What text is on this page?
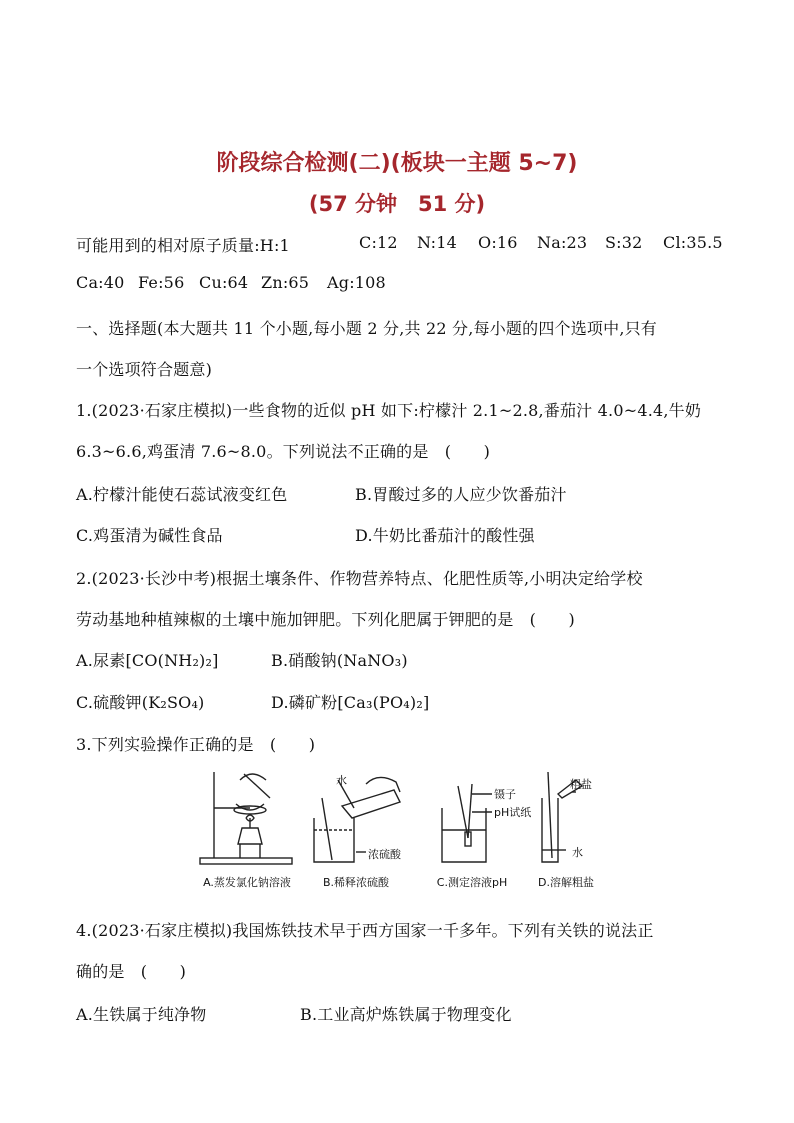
阶段综合检测(二)(板块一主题 5~7)
(57 分钟　51 分)
可能用到的相对原子质量:H:1	C:12 N:14 O:16 Na:23 S:32 Cl:35.5
Ca:40 Fe:56 Cu:64 Zn:65 Ag:108
一、选择题(本大题共 11 个小题,每小题 2 分,共 22 分,每小题的四个选项中,只有
一个选项符合题意)
1.(2023·石家庄模拟)一些食物的近似 pH 如下:柠檬汁 2.1~2.8,番茄汁 4.0~4.4,牛奶
6.3~6.6,鸡蛋清 7.6~8.0。下列说法不正确的是　(　　)
A.柠檬汁能使石蕊试液变红色	B.胃酸过多的人应少饮番茄汁
C.鸡蛋清为碱性食品	D.牛奶比番茄汁的酸性强
2.(2023·长沙中考)根据土壤条件、作物营养特点、化肥性质等,小明决定给学校
劳动基地种植辣椒的土壤中施加钾肥。下列化肥属于钾肥的是　(　　)
A.尿素[CO(NH₂)₂]	B.硝酸钠(NaNO₃)
C.硫酸钾(K₂SO₄)	D.磷矿粉[Ca₃(PO₄)₂]
3.下列实验操作正确的是　(　　)
A.蒸发氯化钠溶液
水
浓硫酸
B.稀释浓硫酸
镊子
pH试纸
C.测定溶液pH
粗盐
水
D.溶解粗盐
4.(2023·石家庄模拟)我国炼铁技术早于西方国家一千多年。下列有关铁的说法正
确的是　(　　)
A.生铁属于纯净物	B.工业高炉炼铁属于物理变化
